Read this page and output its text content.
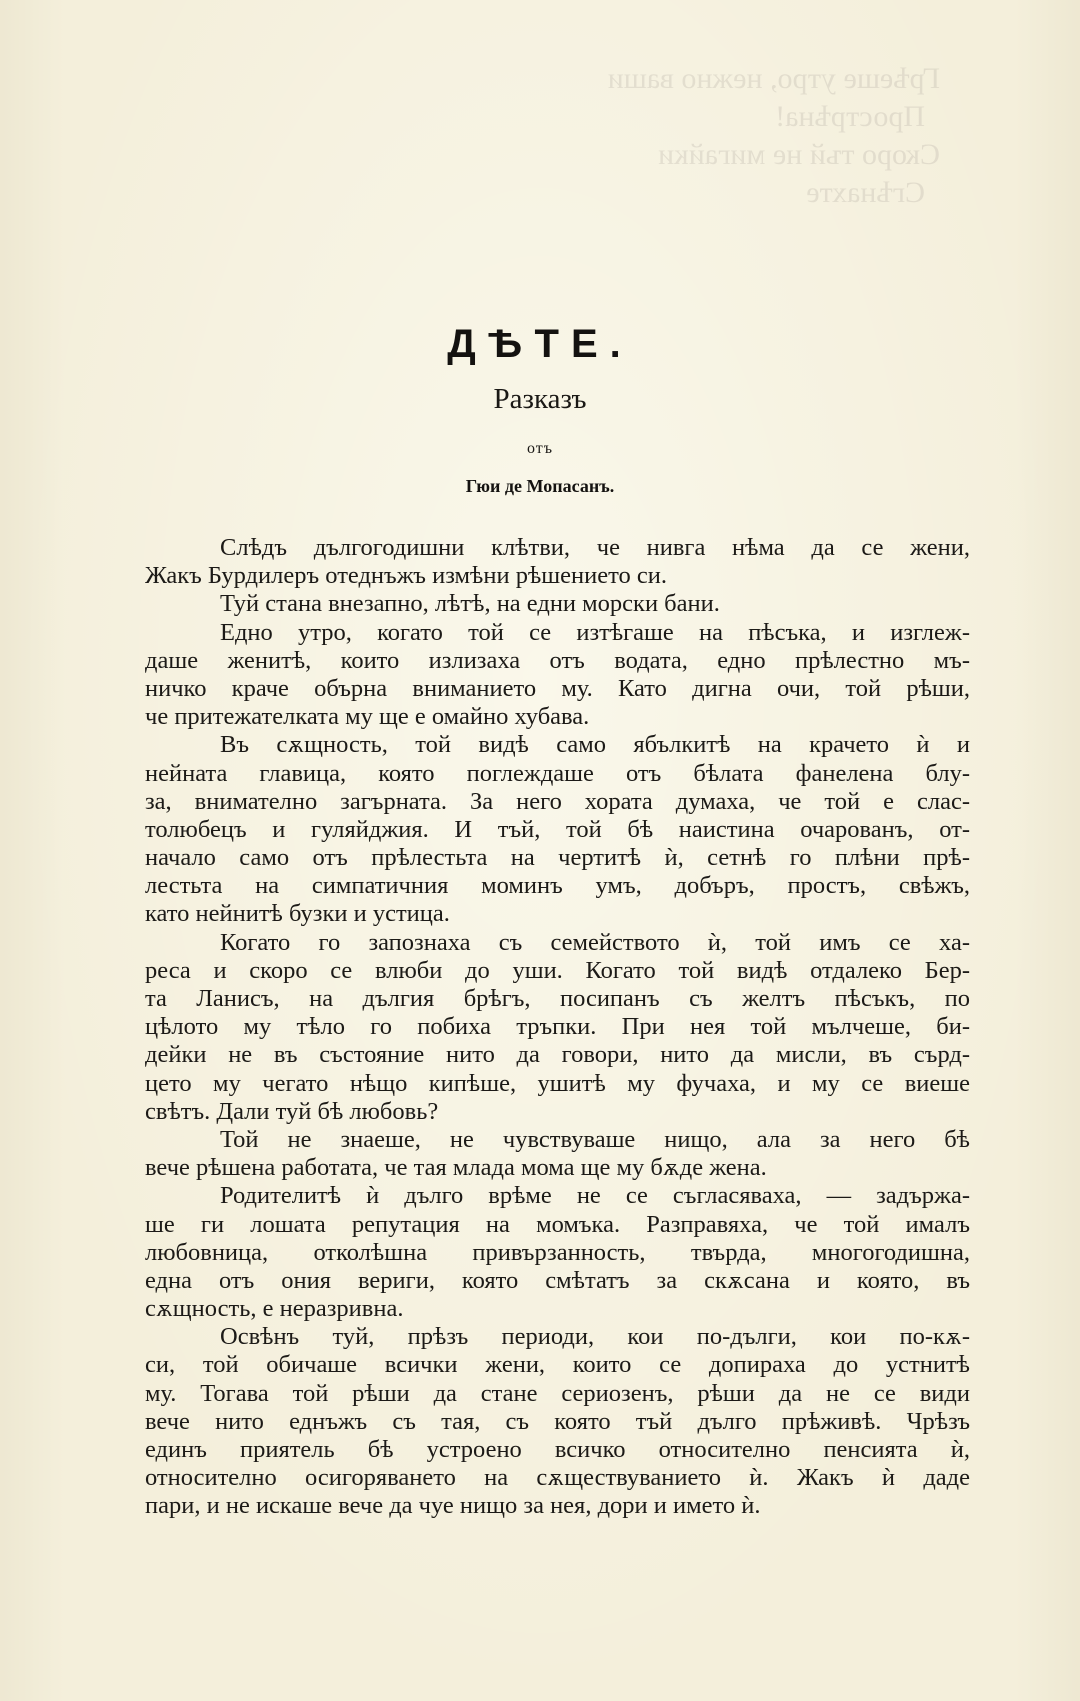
Грѣеше утро, нежно ваши
Прострѣна!
Скоро тъй не мигайки
Сгѣнахте
ДѢТЕ.
Разказъ
отъ
Гюи де Мопасанъ.
Слѣдъ дългогодишни клѣтви, че нивга нѣма да се жени,
Жакъ Бурдилеръ отеднъжъ измѣни рѣшението си.
Туй стана внезапно, лѣтѣ, на едни морски бани.
Едно утро, когато той се изтѣгаше на пѣсъка, и изглеж-
даше женитѣ, които излизаха отъ водата, едно прѣлестно мъ-
ничко краче обърна вниманието му. Като дигна очи, той рѣши,
че притежателката му ще е омайно хубава.
Въ сѫщность, той видѣ само ябълкитѣ на крачето ѝ и
нейната главица, която поглеждаше отъ бѣлата фанелена блу-
за, внимателно загърната. За него хората думаха, че той е слас-
толюбецъ и гуляйджия. И тъй, той бѣ наистина очарованъ, от-
начало само отъ прѣлестьта на чертитѣ ѝ, сетнѣ го плѣни прѣ-
лестьта на симпатичния моминъ умъ, добъръ, простъ, свѣжъ,
като нейнитѣ бузки и устица.
Когато го запознаха съ семейството ѝ, той имъ се ха-
реса и скоро се влюби до уши. Когато той видѣ отдалеко Бер-
та Ланисъ, на дългия брѣгъ, посипанъ съ желтъ пѣсъкъ, по
цѣлото му тѣло го побиха тръпки. При нея той мълчеше, би-
дейки не въ състояние нито да говори, нито да мисли, въ сърд-
цето му чегато нѣщо кипѣше, ушитѣ му фучаха, и му се виеше
свѣтъ. Дали туй бѣ любовь?
Той не знаеше, не чувствуваше нищо, ала за него бѣ
вече рѣшена работата, че тая млада мома ще му бѫде жена.
Родителитѣ ѝ дълго врѣме не се съгласяваха, — задържа-
ше ги лошата репутация на момъка. Разправяха, че той ималъ
любовница, отколѣшна привързанность, твърда, многогодишна,
една отъ ония вериги, която смѣтатъ за скѫсана и която, въ
сѫщность, е неразривна.
Освѣнъ туй, прѣзъ периоди, кои по-дълги, кои по-кѫ-
си, той обичаше всички жени, които се допираха до устнитѣ
му. Тогава той рѣши да стане сериозенъ, рѣши да не се види
вече нито еднъжъ съ тая, съ която тъй дълго прѣживѣ. Чрѣзъ
единъ приятель бѣ устроено всичко относително пенсията ѝ,
относително осигоряването на сѫществуванието ѝ. Жакъ ѝ даде
пари, и не искаше вече да чуе нищо за нея, дори и името ѝ.
